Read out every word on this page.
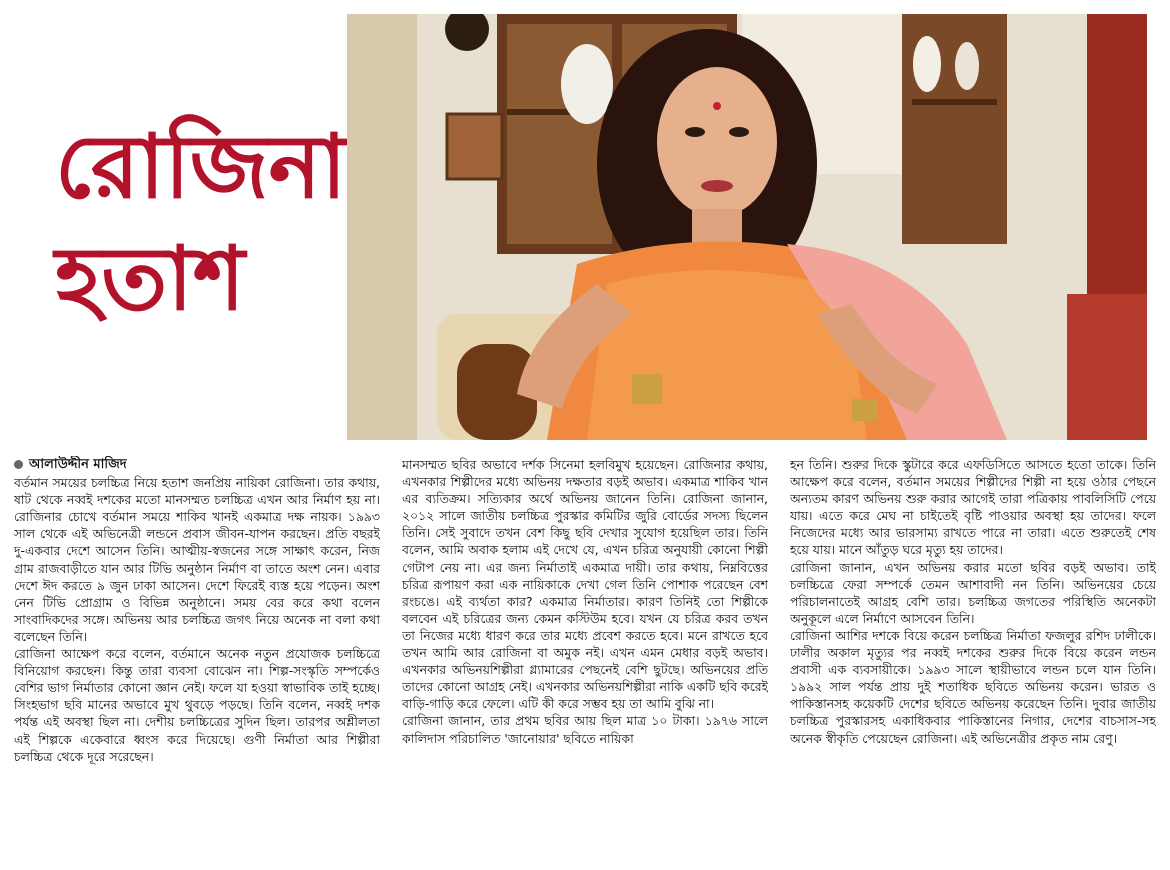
রোজিনা
হতাশ
আলাউদ্দীন মাজিদ

বর্তমান সময়ের চলচ্চিত্র নিয়ে হতাশ জনপ্রিয় নায়িকা রোজিনা। তার কথায়, ষাট থেকে নব্বই দশকের মতো মানসম্মত চলচ্চিত্র এখন আর নির্মাণ হয় না। রোজিনার চোখে বর্তমান সময়ে শাকিব খানই একমাত্র দক্ষ নায়ক। ১৯৯৩ সাল থেকে এই অভিনেত্রী লন্ডনে প্রবাস জীবন-যাপন করছেন। প্রতি বছরই দু-একবার দেশে আসেন তিনি। আত্মীয়-স্বজনের সঙ্গে সাক্ষাৎ করেন, নিজ গ্রাম রাজবাড়ীতে যান আর টিভি অনুষ্ঠান নির্মাণ বা তাতে অংশ নেন। এবার দেশে ঈদ করতে ৯ জুন ঢাকা আসেন। দেশে ফিরেই ব্যস্ত হয়ে পড়েন। অংশ নেন টিভি প্রোগ্রাম ও বিভিন্ন অনুষ্ঠানে। সময় বের করে কথা বলেন সাংবাদিকদের সঙ্গে। অভিনয় আর চলচ্চিত্র জগৎ নিয়ে অনেক না বলা কথা বলেছেন তিনি।

রোজিনা আক্ষেপ করে বলেন, বর্তমানে অনেক নতুন প্রযোজক চলচ্চিত্রে বিনিয়োগ করছেন। কিন্তু তারা ব্যবসা বোঝেন না। শিল্প-সংস্কৃতি সম্পর্কেও বেশির ভাগ নির্মাতার কোনো জ্ঞান নেই। ফলে যা হওয়া স্বাভাবিক তাই হচ্ছে। সিংহভাগ ছবি মানের অভাবে মুখ থুবড়ে পড়ছে। তিনি বলেন, নব্বই দশক পর্যন্ত এই অবস্থা ছিল না। দেশীয় চলচ্চিত্রের সুদিন ছিল। তারপর অশ্লীলতা এই শিল্পকে একেবারে ধ্বংস করে দিয়েছে। গুণী নির্মাতা আর শিল্পীরা চলচ্চিত্র থেকে দূরে সরেছেন।

মানসম্মত ছবির অভাবে দর্শক সিনেমা হলবিমুখ হয়েছেন। রোজিনার কথায়, এখনকার শিল্পীদের মধ্যে অভিনয় দক্ষতার বড়ই অভাব। একমাত্র শাকিব খান এর ব্যতিক্রম। সত্যিকার অর্থে অভিনয় জানেন তিনি। রোজিনা জানান, ২০১২ সালে জাতীয় চলচ্চিত্র পুরস্কার কমিটির জুরি বোর্ডের সদস্য ছিলেন তিনি। সেই সুবাদে তখন বেশ কিছু ছবি দেখার সুযোগ হয়েছিল তার। তিনি বলেন, আমি অবাক হলাম এই দেখে যে, এখন চরিত্র অনুযায়ী কোনো শিল্পী গেটাপ নেয় না। এর জন্য নির্মাতাই একমাত্র দায়ী। তার কথায়, নিম্নবিত্তের চরিত্র রূপায়ণ করা এক নায়িকাকে দেখা গেল তিনি পোশাক পরেছেন বেশ রংচঙে। এই ব্যর্থতা কার? একমাত্র নির্মাতার। কারণ তিনিই তো শিল্পীকে বলবেন এই চরিত্রের জন্য কেমন কস্টিউম হবে। যখন যে চরিত্র করব তখন তা নিজের মধ্যে ধারণ করে তার মধ্যে প্রবেশ করতে হবে। মনে রাখতে হবে তখন আমি আর রোজিনা বা অমুক নই। এখন এমন মেধার বড়ই অভাব। এখনকার অভিনয়শিল্পীরা গ্ল্যামারের পেছনেই বেশি ছুটছে। অভিনয়ের প্রতি তাদের কোনো আগ্রহ নেই। এখনকার অভিনয়শিল্পীরা নাকি একটি ছবি করেই বাড়ি-গাড়ি করে ফেলে। এটি কী করে সম্ভব হয় তা আমি বুঝি না।

রোজিনা জানান, তার প্রথম ছবির আয় ছিল মাত্র ১০ টাকা। ১৯৭৬ সালে কালিদাস পরিচালিত 'জানোয়ার' ছবিতে নায়িকা

হন তিনি। শুরুর দিকে স্কুটারে করে এফডিসিতে আসতে হতো তাকে। তিনি আক্ষেপ করে বলেন, বর্তমান সময়ের শিল্পীদের শিল্পী না হয়ে ওঠার পেছনে অন্যতম কারণ অভিনয় শুরু করার আগেই তারা পত্রিকায় পাবলিসিটি পেয়ে যায়। এতে করে মেঘ না চাইতেই বৃষ্টি পাওয়ার অবস্থা হয় তাদের। ফলে নিজেদের মধ্যে আর ভারসাম্য রাখতে পারে না তারা। এতে শুরুতেই শেষ হয়ে যায়। মানে আঁতুড় ঘরে মৃত্যু হয় তাদের।

রোজিনা জানান, এখন অভিনয় করার মতো ছবির বড়ই অভাব। তাই চলচ্চিত্রে ফেরা সম্পর্কে তেমন আশাবাদী নন তিনি। অভিনয়ের চেয়ে পরিচালনাতেই আগ্রহ বেশি তার। চলচ্চিত্র জগতের পরিস্থিতি অনেকটা অনুকূলে এলে নির্মাণে আসবেন তিনি।

রোজিনা আশির দশকে বিয়ে করেন চলচ্চিত্র নির্মাতা ফজলুর রশিদ ঢালীকে। ঢালীর অকাল মৃত্যুর পর নব্বই দশকের শুরুর দিকে বিয়ে করেন লন্ডন প্রবাসী এক ব্যবসায়ীকে। ১৯৯৩ সালে স্থায়ীভাবে লন্ডন চলে যান তিনি। ১৯৯২ সাল পর্যন্ত প্রায় দুই শতাধিক ছবিতে অভিনয় করেন। ভারত ও পাকিস্তানসহ কয়েকটি দেশের ছবিতে অভিনয় করেছেন তিনি। দুবার জাতীয় চলচ্চিত্র পুরস্কারসহ একাধিকবার পাকিস্তানের নিগার, দেশের বাচসাস-সহ অনেক স্বীকৃতি পেয়েছেন রোজিনা। এই অভিনেত্রীর প্রকৃত নাম রেণু।
